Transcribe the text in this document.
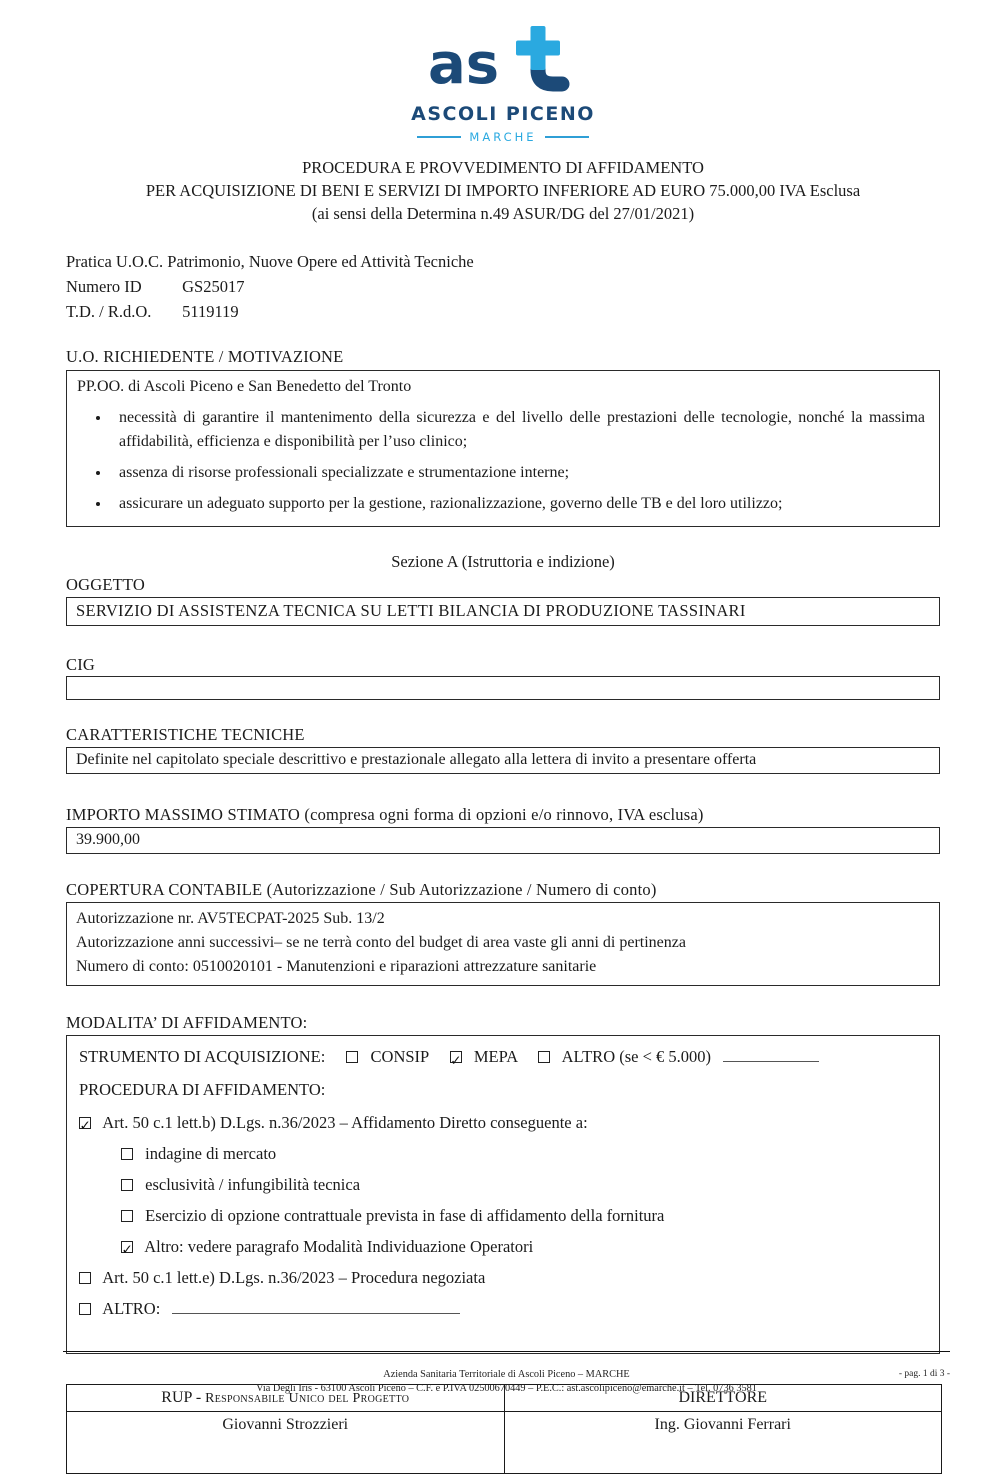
as
ASCOLI PICENO
MARCHE
PROCEDURA E PROVVEDIMENTO DI AFFIDAMENTO
PER ACQUISIZIONE DI BENI E SERVIZI DI IMPORTO INFERIORE AD EURO 75.000,00 IVA Esclusa
(ai sensi della Determina n.49 ASUR/DG del 27/01/2021)
Pratica U.O.C. Patrimonio, Nuove Opere ed Attività Tecniche
Numero ID GS25017
T.D. / R.d.O. 5119119
U.O. RICHIEDENTE / MOTIVAZIONE
PP.OO. di Ascoli Piceno e San Benedetto del Tronto
• necessità di garantire il mantenimento della sicurezza e del livello delle prestazioni delle tecnologie, nonché la massima affidabilità, efficienza e disponibilità per l’uso clinico;
• assenza di risorse professionali specializzate e strumentazione interne;
• assicurare un adeguato supporto per la gestione, razionalizzazione, governo delle TB e del loro utilizzo;
Sezione A (Istruttoria e indizione)
OGGETTO
SERVIZIO DI ASSISTENZA TECNICA SU LETTI BILANCIA DI PRODUZIONE TASSINARI
CIG
CARATTERISTICHE TECNICHE
Definite nel capitolato speciale descrittivo e prestazionale allegato alla lettera di invito a presentare offerta
IMPORTO MASSIMO STIMATO (compresa ogni forma di opzioni e/o rinnovo, IVA esclusa)
39.900,00
COPERTURA CONTABILE (Autorizzazione / Sub Autorizzazione / Numero di conto)
Autorizzazione nr. AV5TECPAT-2025 Sub. 13/2
Autorizzazione anni successivi– se ne terrà conto del budget di area vaste gli anni di pertinenza
Numero di conto: 0510020101 - Manutenzioni e riparazioni attrezzature sanitarie
MODALITA’ DI AFFIDAMENTO:
STRUMENTO DI ACQUISIZIONE:	CONSIP ✓	MEPA	ALTRO (se < € 5.000)
PROCEDURA DI AFFIDAMENTO:
✓ Art. 50 c.1 lett.b) D.Lgs. n.36/2023 – Affidamento Diretto conseguente a:
indagine di mercato
esclusività / infungibilità tecnica
Esercizio di opzione contrattuale prevista in fase di affidamento della fornitura
✓ Altro: vedere paragrafo Modalità Individuazione Operatori
Art. 50 c.1 lett.e) D.Lgs. n.36/2023 – Procedura negoziata
ALTRO:
RUP - Responsabile Unico del Progetto	DIRETTORE
Giovanni Strozzieri	Ing. Giovanni Ferrari
Azienda Sanitaria Territoriale di Ascoli Piceno – MARCHE
Via Degli Iris - 63100 Ascoli Piceno – C.F. e P.IVA 02500670449 – P.E.C.: ast.ascolipiceno@emarche.it – Tel. 0736 3581
- pag. 1 di 3 -
